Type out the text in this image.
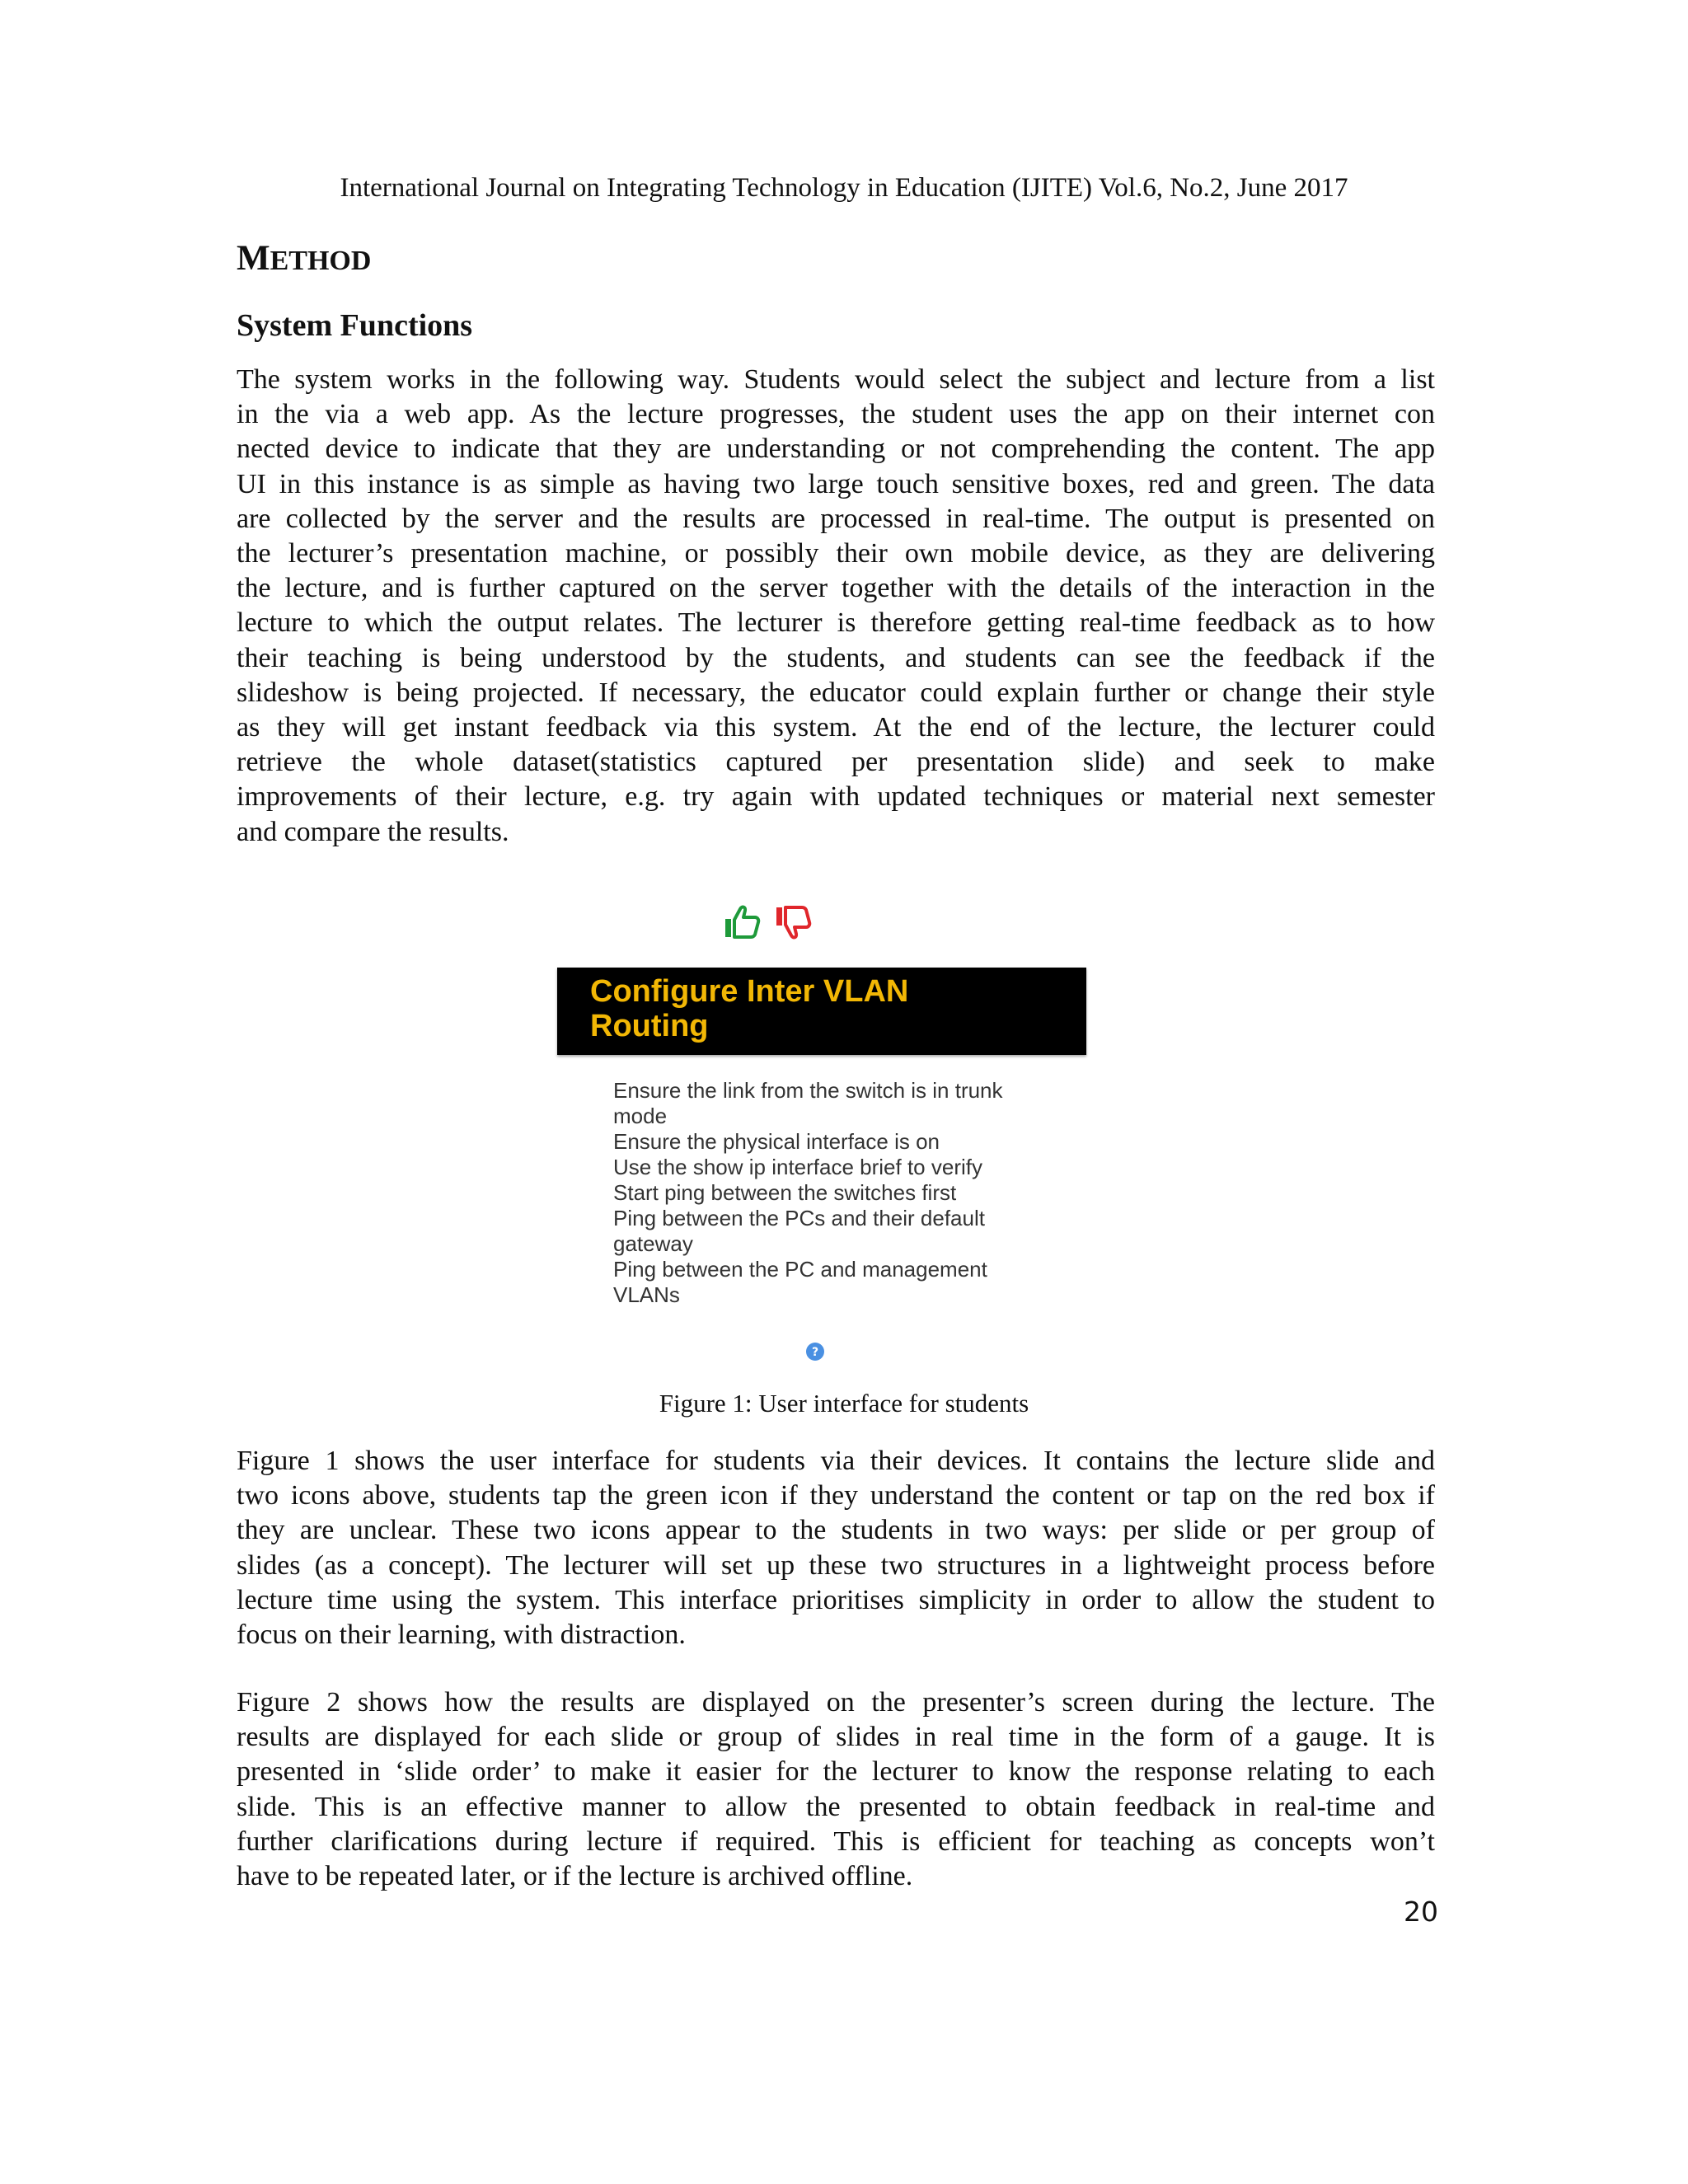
International Journal on Integrating Technology in Education (IJITE) Vol.6, No.2, June 2017
METHOD
System Functions
The system works in the following way. Students would select the subject and lecture from a list
in the via a web app. As the lecture progresses, the student uses the app on their internet con
nected device to indicate that they are understanding or not comprehending the content. The app
UI in this instance is as simple as having two large touch sensitive boxes, red and green. The data
are collected by the server and the results are processed in real-time. The output is presented on
the lecturer’s presentation machine, or possibly their own mobile device, as they are delivering
the lecture, and is further captured on the server together with the details of the interaction in the
lecture to which the output relates. The lecturer is therefore getting real-time feedback as to how
their teaching is being understood by the students, and students can see the feedback if the
slideshow is being projected. If necessary, the educator could explain further or change their style
as they will get instant feedback via this system. At the end of the lecture, the lecturer could
retrieve the whole dataset(statistics captured per presentation slide) and seek to make
improvements of their lecture, e.g. try again with updated techniques or material next semester
and compare the results.
Configure Inter VLAN
Routing
Ensure the link from the switch is in trunk
mode
Ensure the physical interface is on
Use the show ip interface brief to verify
Start ping between the switches first
Ping between the PCs and their default
gateway
Ping between the PC and management
VLANs
?
Figure 1: User interface for students
Figure 1 shows the user interface for students via their devices. It contains the lecture slide and
two icons above, students tap the green icon if they understand the content or tap on the red box if
they are unclear. These two icons appear to the students in two ways: per slide or per group of
slides (as a concept). The lecturer will set up these two structures in a lightweight process before
lecture time using the system. This interface prioritises simplicity in order to allow the student to
focus on their learning, with distraction.
Figure 2 shows how the results are displayed on the presenter’s screen during the lecture. The
results are displayed for each slide or group of slides in real time in the form of a gauge. It is
presented in ‘slide order’ to make it easier for the lecturer to know the response relating to each
slide. This is an effective manner to allow the presented to obtain feedback in real-time and
further clarifications during lecture if required. This is efficient for teaching as concepts won’t
have to be repeated later, or if the lecture is archived offline.
20
